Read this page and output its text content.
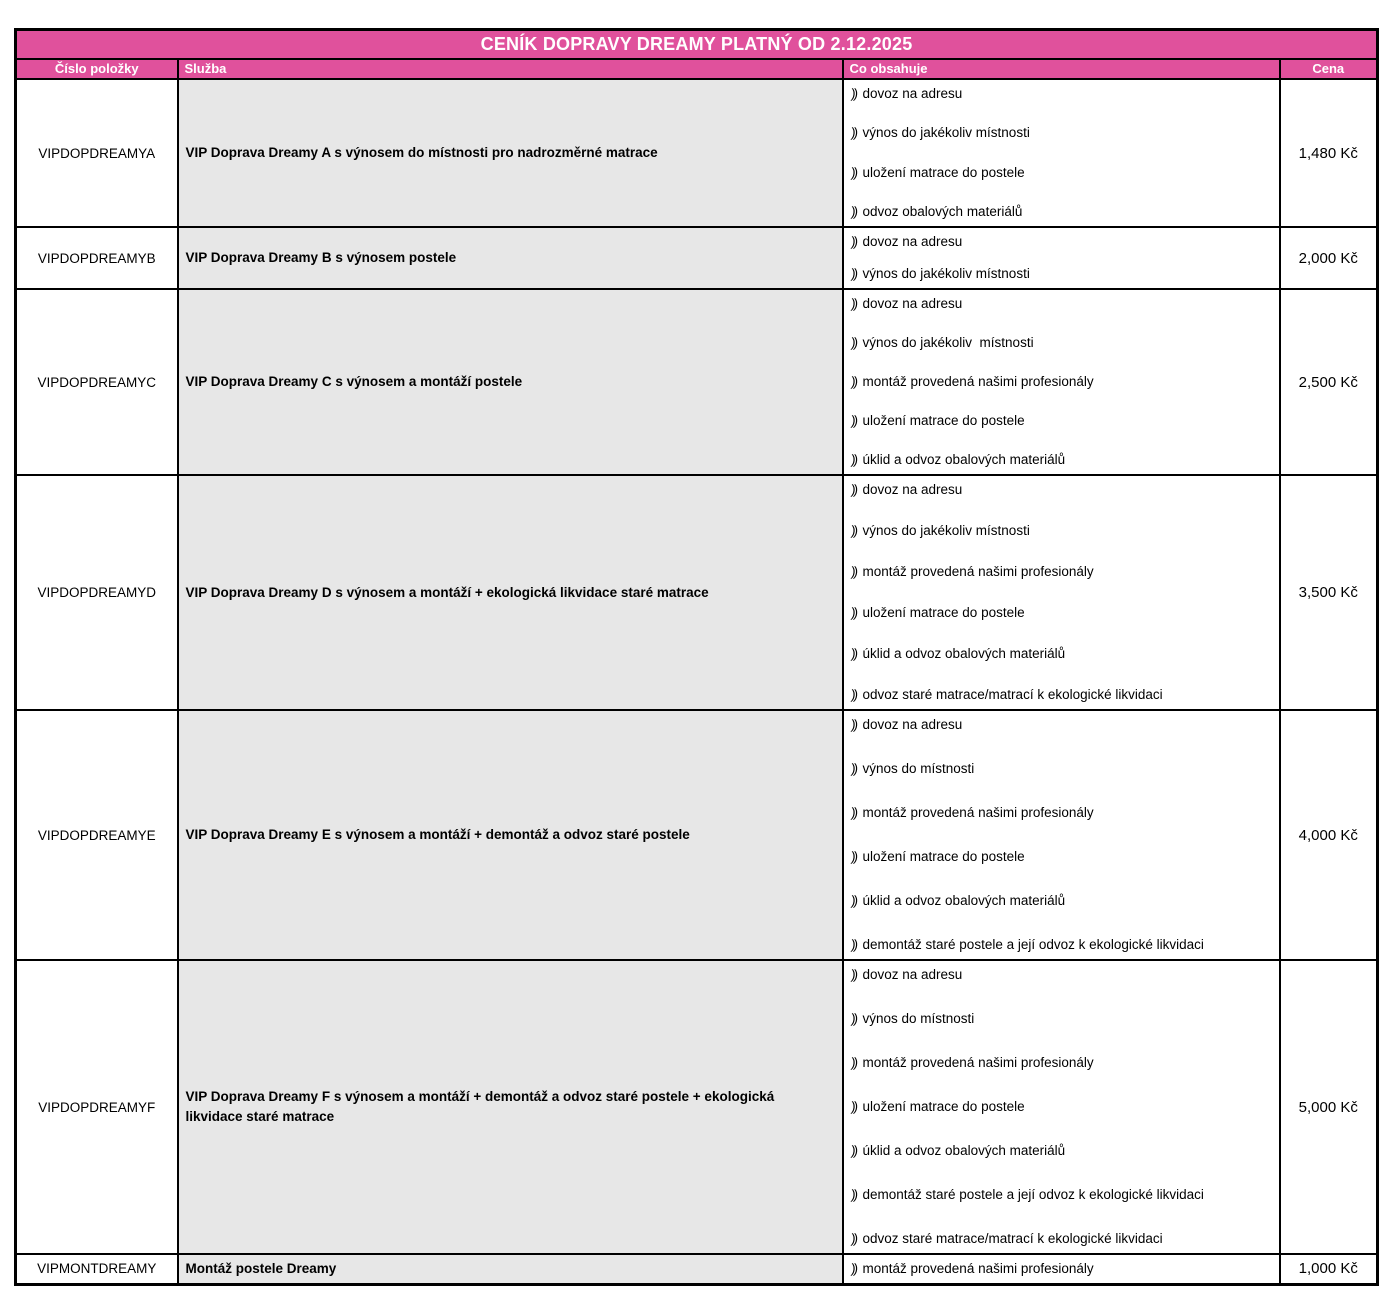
CENÍK DOPRAVY DREAMY PLATNÝ OD 2.12.2025			
Číslo položky	Služba	Co obsahuje	Cena
VIPDOPDREAMYA	VIP Doprava Dreamy A s výnosem do místnosti pro nadrozměrné matrace	)) dovoz na adresu
)) výnos do jakékoliv místnosti
)) uložení matrace do postele
)) odvoz obalových materiálů	1,480 Kč
VIPDOPDREAMYB	VIP Doprava Dreamy B s výnosem postele	)) dovoz na adresu
)) výnos do jakékoliv místnosti	2,000 Kč
VIPDOPDREAMYC	VIP Doprava Dreamy C s výnosem a montáží postele	)) dovoz na adresu
)) výnos do jakékoliv  místnosti
)) montáž provedená našimi profesionály
)) uložení matrace do postele
)) úklid a odvoz obalových materiálů	2,500 Kč
VIPDOPDREAMYD	VIP Doprava Dreamy D s výnosem a montáží + ekologická likvidace staré matrace	
)) dovoz na adresu
)) výnos do jakékoliv místnosti
)) montáž provedená našimi profesionály
)) uložení matrace do postele
)) úklid a odvoz obalových materiálů
)) odvoz staré matrace/matrací k ekologické likvidaci
	3,500 Kč
VIPDOPDREAMYE	VIP Doprava Dreamy E s výnosem a montáží + demontáž a odvoz staré postele	
)) dovoz na adresu
)) výnos do místnosti
)) montáž provedená našimi profesionály
)) uložení matrace do postele
)) úklid a odvoz obalových materiálů
)) demontáž staré postele a její odvoz k ekologické likvidaci
	4,000 Kč
VIPDOPDREAMYF	VIP Doprava Dreamy F s výnosem a montáží + demontáž a odvoz staré postele + ekologická likvidace staré matrace	
)) dovoz na adresu
)) výnos do místnosti
)) montáž provedená našimi profesionály
)) uložení matrace do postele
)) úklid a odvoz obalových materiálů
)) demontáž staré postele a její odvoz k ekologické likvidaci
)) odvoz staré matrace/matrací k ekologické likvidaci
	5,000 Kč
VIPMONTDREAMY	Montáž postele Dreamy	)) montáž provedená našimi profesionály	1,000 Kč
